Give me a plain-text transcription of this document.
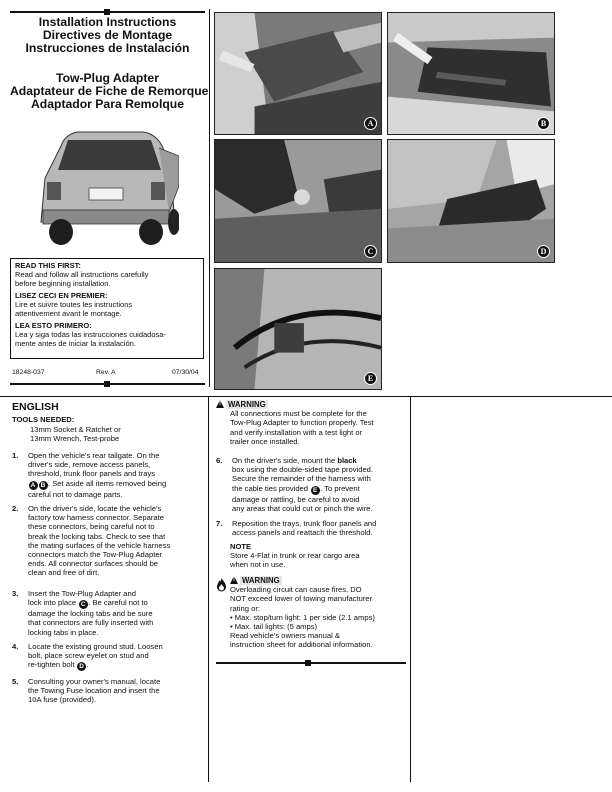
Installation Instructions
Directives de Montage
Instrucciones de Instalación
Tow-Plug Adapter
Adaptateur de Fiche de Remorque
Adaptador Para Remolque
READ THIS FIRST:
Read and follow all instructions carefully
before beginning installation.
LISEZ CECI EN PREMIER:
Lire et suivre toutes les instructions
attentivement avant le montage.
LEA ESTO PRIMERO:
Lea y siga todas las instrucciones cuidadosa-
mente antes de iniciar la instalación.
18248-037	Rev. A	07/30/04
A	B
C	D
E
ENGLISH
TOOLS NEEDED:
13mm Socket & Ratchet or
13mm Wrench, Test-probe
1. Open the vehicle's rear tailgate. On the
driver's side, remove access panels,
threshold, trunk floor panels and trays
A B . Set aside all items removed being
careful not to damage parts.
2. On the driver's side, locate the vehicle's
factory tow harness connector. Separate
these connectors, being careful not to
break the locking tabs. Check to see that
the mating surfaces of the vehicle harness
connectors match the Tow-Plug Adapter
ends. All connector surfaces should be
clean and free of dirt.
3. Insert the Tow-Plug Adapter and
lock into place C . Be careful not to
damage the locking tabs and be sure
that connectors are fully inserted with
locking tabs in place.
4. Locate the existing ground stud. Loosen
bolt, place screw eyelet on stud and
re-tighten bolt D .
5. Consulting your owner's manual, locate
the Towing Fuse location and insert the
10A fuse (provided).
! WARNING
All connections must be complete for the
Tow-Plug Adapter to function properly. Test
and verify installation with a test light or
trailer once installed.
6. On the driver's side, mount the black
box using the double-sided tape provided.
Secure the remainder of the harness with
the cable ties provided E . To prevent
damage or rattling, be careful to avoid
any areas that could cut or pinch the wire.
7. Reposition the trays, trunk floor panels and
access panels and reattach the threshold.
NOTE
Store 4-Flat in trunk or rear cargo area
when not in use.
! WARNING
Overloading circuit can cause fires. DO
NOT exceed lower of towing manufacturer
rating or:
• Max. stop/turn light: 1 per side (2.1 amps)
• Max. tail lights: (5 amps)
Read vehicle's owners manual &
instruction sheet for additional information.
